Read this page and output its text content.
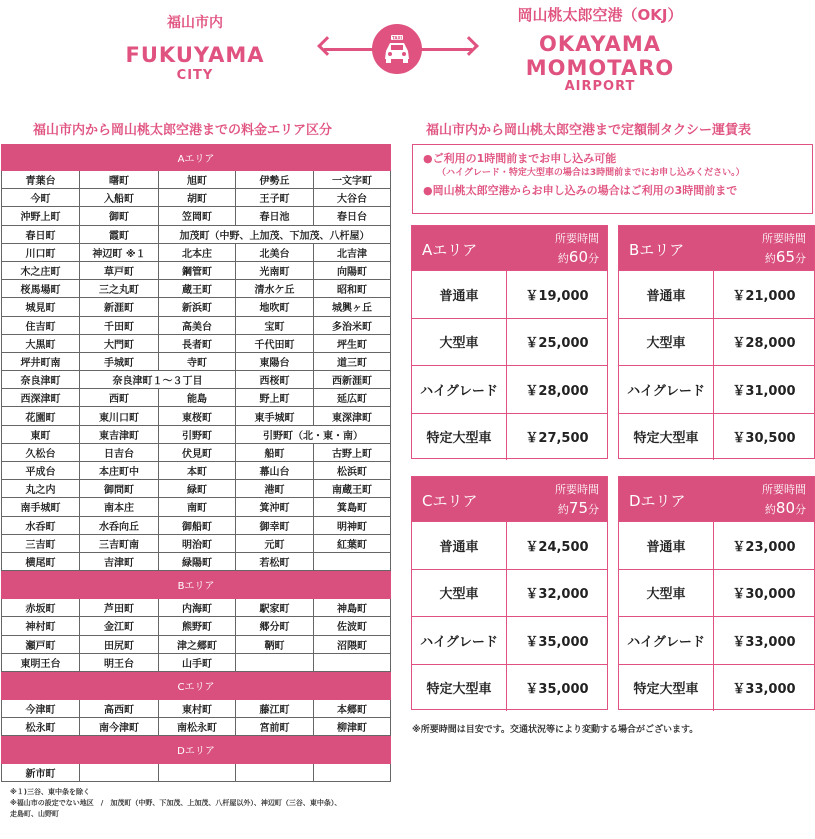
福山市内
FUKUYAMA
CITY
TAXI
岡山桃太郎空港（OKJ）
OKAYAMA
MOMOTARO
AIRPORT
福山市内から岡山桃太郎空港までの料金エリア区分	福山市内から岡山桃太郎空港まで定額制タクシー運賃表
Aエリア				
青葉台	曙町	旭町	伊勢丘	一文字町
今町	入船町	胡町	王子町	大谷台
沖野上町	御町	笠岡町	春日池	春日台
春日町	霞町	加茂町（中野、上加茂、下加茂、八杆屋）		
川口町	神辺町 ※１	北本庄	北美台	北吉津
木之庄町	草戸町	鋼管町	光南町	向陽町
桜馬場町	三之丸町	蔵王町	清水ケ丘	昭和町
城見町	新涯町	新浜町	地吹町	城興ヶ丘
住吉町	千田町	高美台	宝町	多治米町
大黒町	大門町	長者町	千代田町	坪生町
坪井町南	手城町	寺町	東陽台	道三町
奈良津町	奈良津町１～３丁目		西桜町	西新涯町
西深津町	西町	能島	野上町	延広町
花園町	東川口町	東桜町	東手城町	東深津町
東町	東吉津町	引野町	引野町（北・東・南）	
久松台	日吉台	伏見町	船町	古野上町
平成台	本庄町中	本町	幕山台	松浜町
丸之内	御問町	緑町	港町	南蔵王町
南手城町	南本庄	南町	箕沖町	箕島町
水呑町	水呑向丘	御船町	御幸町	明神町
三吉町	三吉町南	明治町	元町	紅葉町
横尾町	吉津町	緑陽町	若松町	
Bエリア				
赤坂町	芦田町	内海町	駅家町	神島町
神村町	金江町	熊野町	郷分町	佐波町
瀬戸町	田尻町	津之郷町	鞆町	沼隈町
東明王台	明王台	山手町		
Cエリア				
今津町	高西町	東村町	藤江町	本郷町
松永町	南今津町	南松永町	宮前町	柳津町
Dエリア				
新市町				
※１)三谷、東中条を除く
※福山市の設定でない地区　/　加茂町（中野、下加茂、上加茂、八杆屋以外）、神辺町（三谷、東中条）、
走島町、山野町
●ご利用の1時間前までお申し込み可能
（ハイグレード・特定大型車の場合は3時間前までにお申し込みください。）
●岡山桃太郎空港からお申し込みの場合はご利用の3時間前まで
Aエリア
所要時間
約60分
普通車	￥19,000
大型車	￥25,000
ハイグレード	￥28,000
特定大型車	￥27,500
Bエリア
所要時間
約65分
普通車	￥21,000
大型車	￥28,000
ハイグレード	￥31,000
特定大型車	￥30,500
Cエリア
所要時間
約75分
普通車	￥24,500
大型車	￥32,000
ハイグレード	￥35,000
特定大型車	￥35,000
Dエリア
所要時間
約80分
普通車	￥23,000
大型車	￥30,000
ハイグレード	￥33,000
特定大型車	￥33,000
※所要時間は目安です。交通状況等により変動する場合がございます。
